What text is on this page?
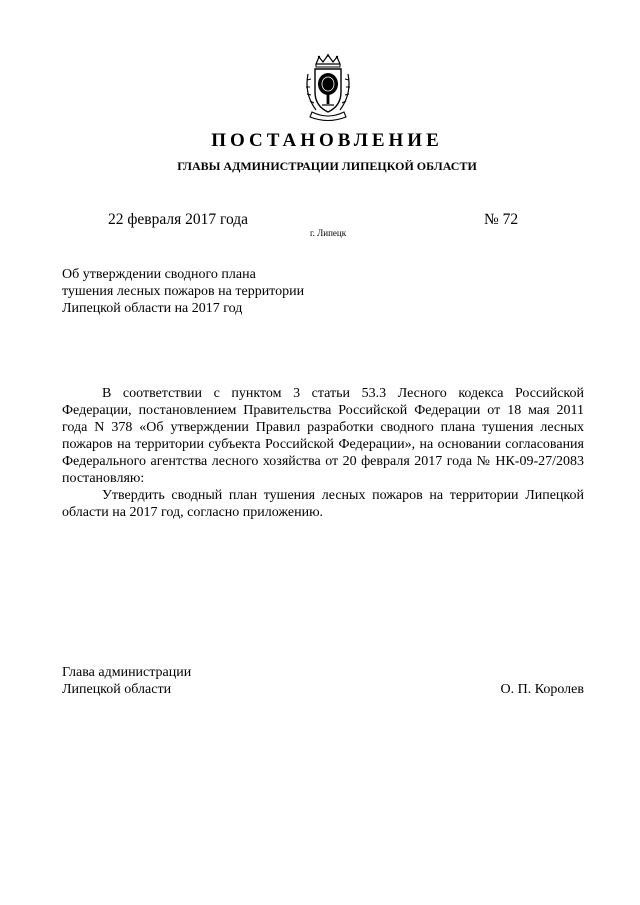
ПОСТАНОВЛЕНИЕ
ГЛАВЫ АДМИНИСТРАЦИИ ЛИПЕЦКОЙ ОБЛАСТИ
22 февраля 2017 года
г. Липецк
№ 72
Об утверждении сводного плана
тушения лесных пожаров на территории
Липецкой области на 2017 год

В соответствии с пунктом 3 статьи 53.3 Лесного кодекса Российской Федерации, постановлением Правительства Российской Федерации от 18 мая 2011 года N 378 «Об утверждении Правил разработки сводного плана тушения лесных пожаров на территории субъекта Российской Федерации», на основании согласования Федерального агентства лесного хозяйства от 20 февраля 2017 года № НК-09-27/2083 постановляю:

Утвердить сводный план тушения лесных пожаров на территории Липецкой области на 2017 год, согласно приложению.

Глава администрации
Липецкой области	О. П. Королев
